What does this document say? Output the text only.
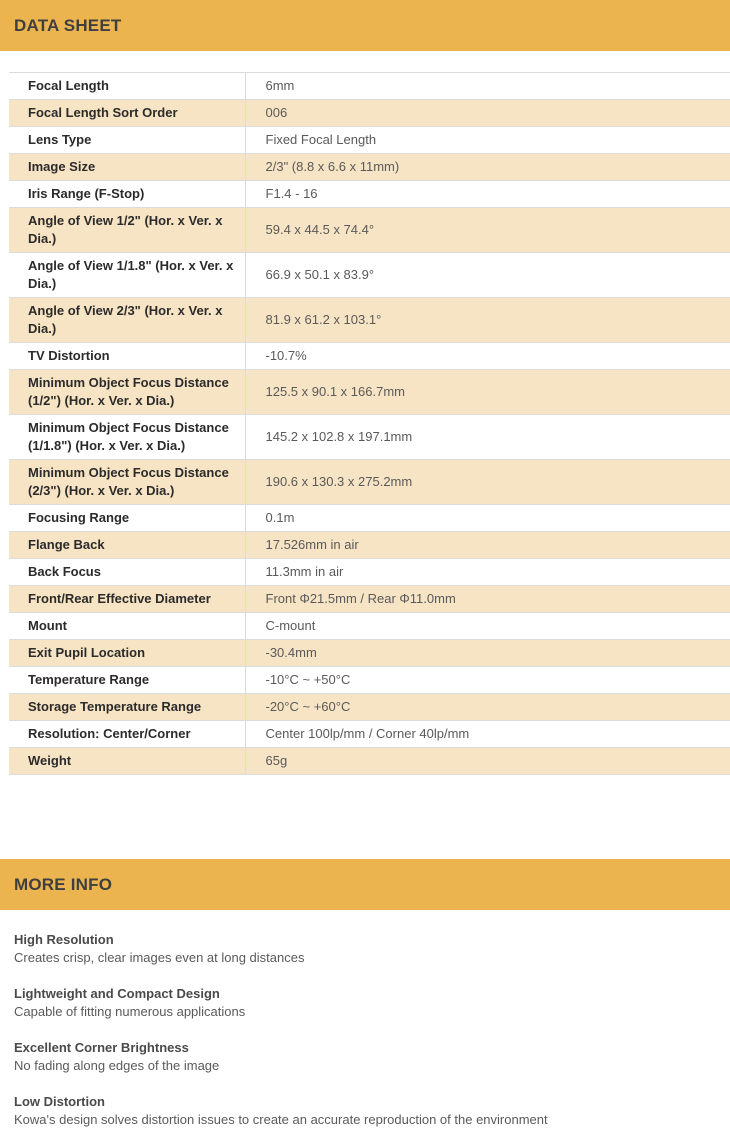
DATA SHEET
Focal Length	6mm
Focal Length Sort Order	006
Lens Type	Fixed Focal Length
Image Size	2/3" (8.8 x 6.6 x 11mm)
Iris Range (F-Stop)	F1.4 - 16
Angle of View 1/2" (Hor. x Ver. x Dia.)	59.4 x 44.5 x 74.4°
Angle of View 1/1.8" (Hor. x Ver. x Dia.)	66.9 x 50.1 x 83.9°
Angle of View 2/3" (Hor. x Ver. x Dia.)	81.9 x 61.2 x 103.1°
TV Distortion	-10.7%
Minimum Object Focus Distance (1/2") (Hor. x Ver. x Dia.)	125.5 x 90.1 x 166.7mm
Minimum Object Focus Distance (1/1.8") (Hor. x Ver. x Dia.)	145.2 x 102.8 x 197.1mm
Minimum Object Focus Distance (2/3") (Hor. x Ver. x Dia.)	190.6 x 130.3 x 275.2mm
Focusing Range	0.1m
Flange Back	17.526mm in air
Back Focus	11.3mm in air
Front/Rear Effective Diameter	Front Φ21.5mm / Rear Φ11.0mm
Mount	C-mount
Exit Pupil Location	-30.4mm
Temperature Range	-10°C ~ +50°C
Storage Temperature Range	-20°C ~ +60°C
Resolution: Center/Corner	Center 100lp/mm / Corner 40lp/mm
Weight	65g
MORE INFO
High Resolution
Creates crisp, clear images even at long distances
Lightweight and Compact Design
Capable of fitting numerous applications
Excellent Corner Brightness
No fading along edges of the image
Low Distortion
Kowa's design solves distortion issues to create an accurate reproduction of the environment
